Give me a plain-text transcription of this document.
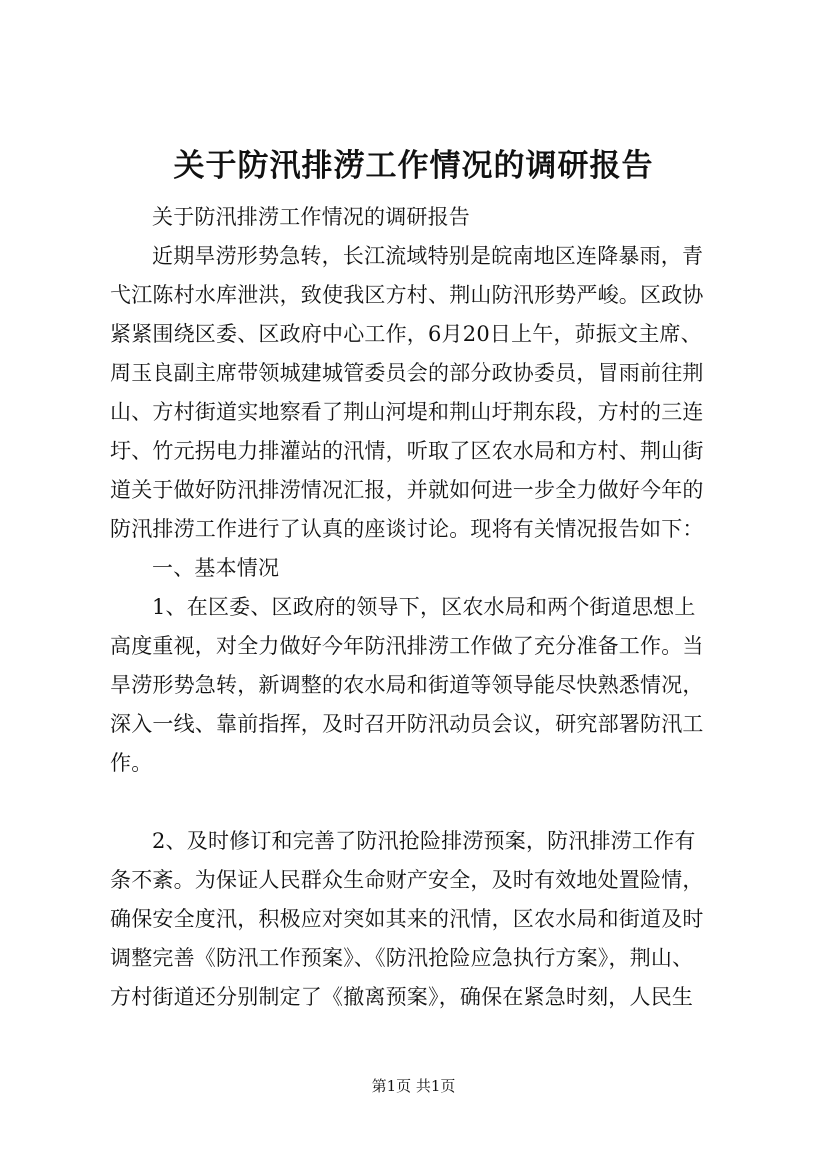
关于防汛排涝工作情况的调研报告
关于防汛排涝工作情况的调研报告
近期旱涝形势急转，长江流域特别是皖南地区连降暴雨，青
弋江陈村水库泄洪，致使我区方村、荆山防汛形势严峻。区政协
紧紧围绕区委、区政府中心工作，6月20日上午，茆振文主席、
周玉良副主席带领城建城管委员会的部分政协委员，冒雨前往荆
山、方村街道实地察看了荆山河堤和荆山圩荆东段，方村的三连
圩、竹元拐电力排灌站的汛情，听取了区农水局和方村、荆山街
道关于做好防汛排涝情况汇报，并就如何进一步全力做好今年的
防汛排涝工作进行了认真的座谈讨论。现将有关情况报告如下：
一、基本情况
1、在区委、区政府的领导下，区农水局和两个街道思想上
高度重视，对全力做好今年防汛排涝工作做了充分准备工作。当
旱涝形势急转，新调整的农水局和街道等领导能尽快熟悉情况，
深入一线、靠前指挥，及时召开防汛动员会议，研究部署防汛工
作。
2、及时修订和完善了防汛抢险排涝预案，防汛排涝工作有
条不紊。为保证人民群众生命财产安全，及时有效地处置险情，
确保安全度汛，积极应对突如其来的汛情，区农水局和街道及时
调整完善《防汛工作预案》、《防汛抢险应急执行方案》，荆山、
方村街道还分别制定了《撤离预案》，确保在紧急时刻，人民生
第1页 共1页
